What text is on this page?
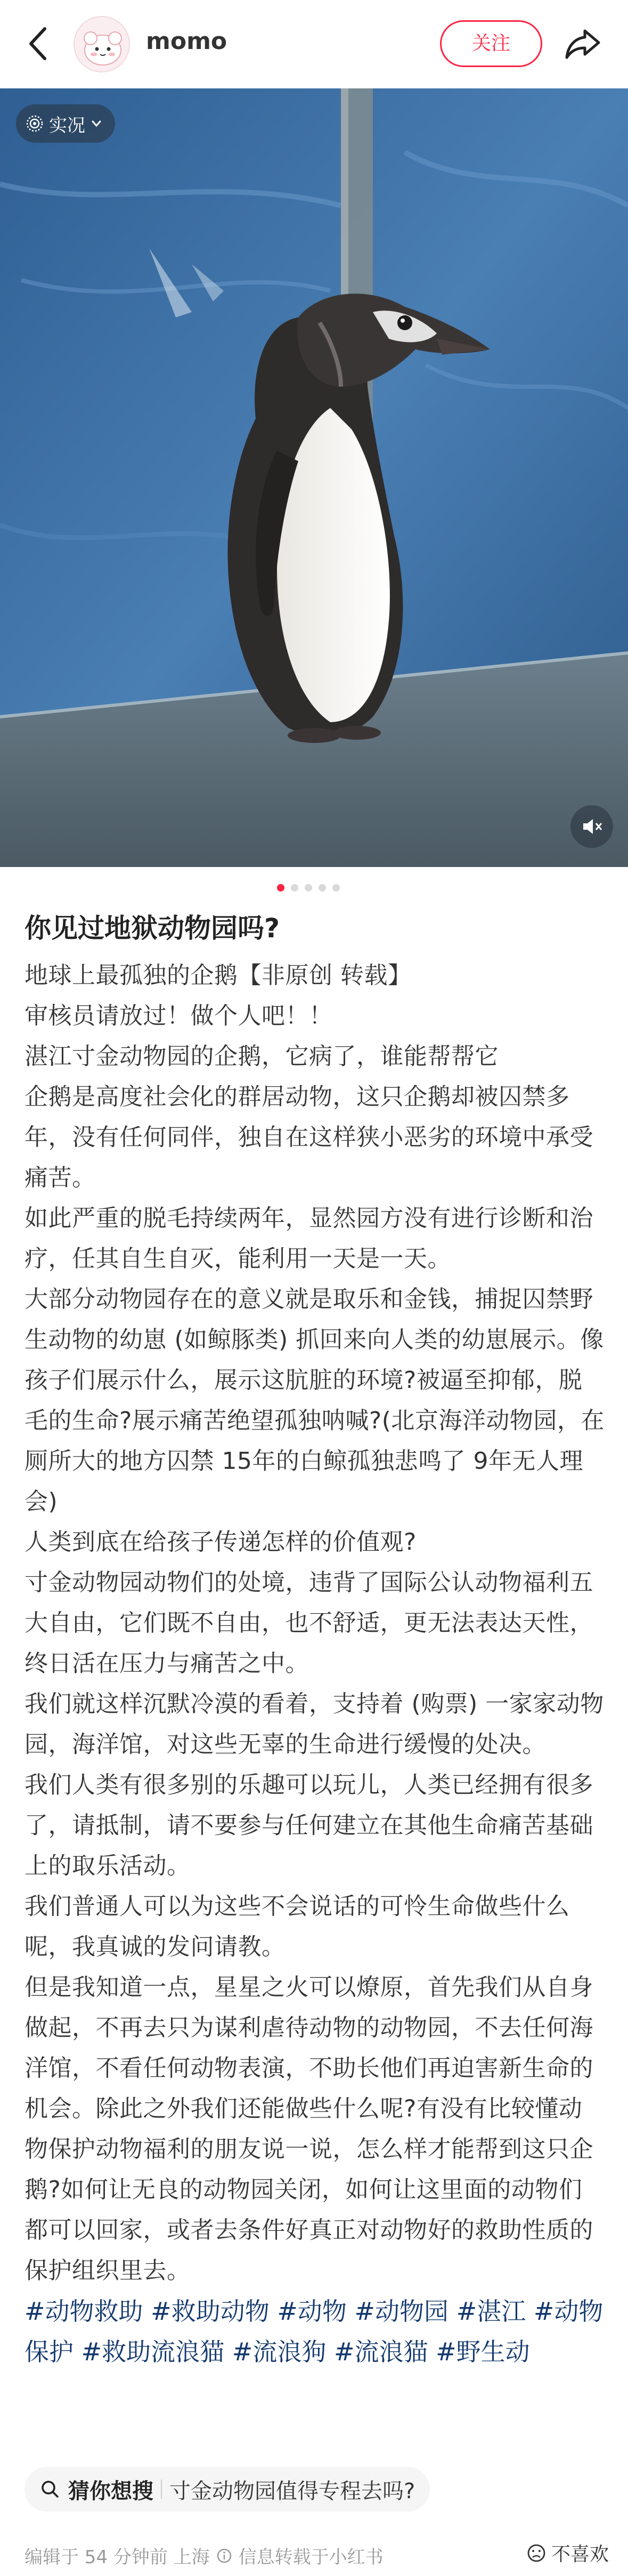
momo	关注
实况
你见过地狱动物园吗?
地球上最孤独的企鹅【非原创 转载】
审核员请放过！做个人吧！！
湛江寸金动物园的企鹅，它病了，谁能帮帮它
企鹅是高度社会化的群居动物，这只企鹅却被囚禁多年，没有任何同伴，独自在这样狭小恶劣的环境中承受痛苦。
如此严重的脱毛持续两年，显然园方没有进行诊断和治疗，任其自生自灭，能利用一天是一天。
大部分动物园存在的意义就是取乐和金钱，捕捉囚禁野生动物的幼崽 (如鲸豚类) 抓回来向人类的幼崽展示。像孩子们展示什么，展示这肮脏的环境?被逼至抑郁，脱毛的生命?展示痛苦绝望孤独呐喊?(北京海洋动物园，在厕所大的地方囚禁 15年的白鲸孤独悲鸣了 9年无人理会)
人类到底在给孩子传递怎样的价值观?
寸金动物园动物们的处境，违背了国际公认动物福利五大自由，它们既不自由，也不舒适，更无法表达天性，终日活在压力与痛苦之中。
我们就这样沉默冷漠的看着，支持着 (购票) 一家家动物园，海洋馆，对这些无辜的生命进行缓慢的处决。
我们人类有很多别的乐趣可以玩儿，人类已经拥有很多了，请抵制，请不要参与任何建立在其他生命痛苦基础上的取乐活动。
我们普通人可以为这些不会说话的可怜生命做些什么呢，我真诚的发问请教。
但是我知道一点，星星之火可以燎原，首先我们从自身做起，不再去只为谋利虐待动物的动物园，不去任何海洋馆，不看任何动物表演，不助长他们再迫害新生命的机会。除此之外我们还能做些什么呢?有没有比较懂动物保护动物福利的朋友说一说，怎么样才能帮到这只企鹅?如何让无良的动物园关闭，如何让这里面的动物们都可以回家，或者去条件好真正对动物好的救助性质的保护组织里去。
#动物救助 #救助动物 #动物 #动物园 #湛江 #动物保护 #救助流浪猫 #流浪狗 #流浪猫 #野生动
猜你想搜 寸金动物园值得专程去吗?
编辑于 54 分钟前 上海 信息转载于小红书	不喜欢
